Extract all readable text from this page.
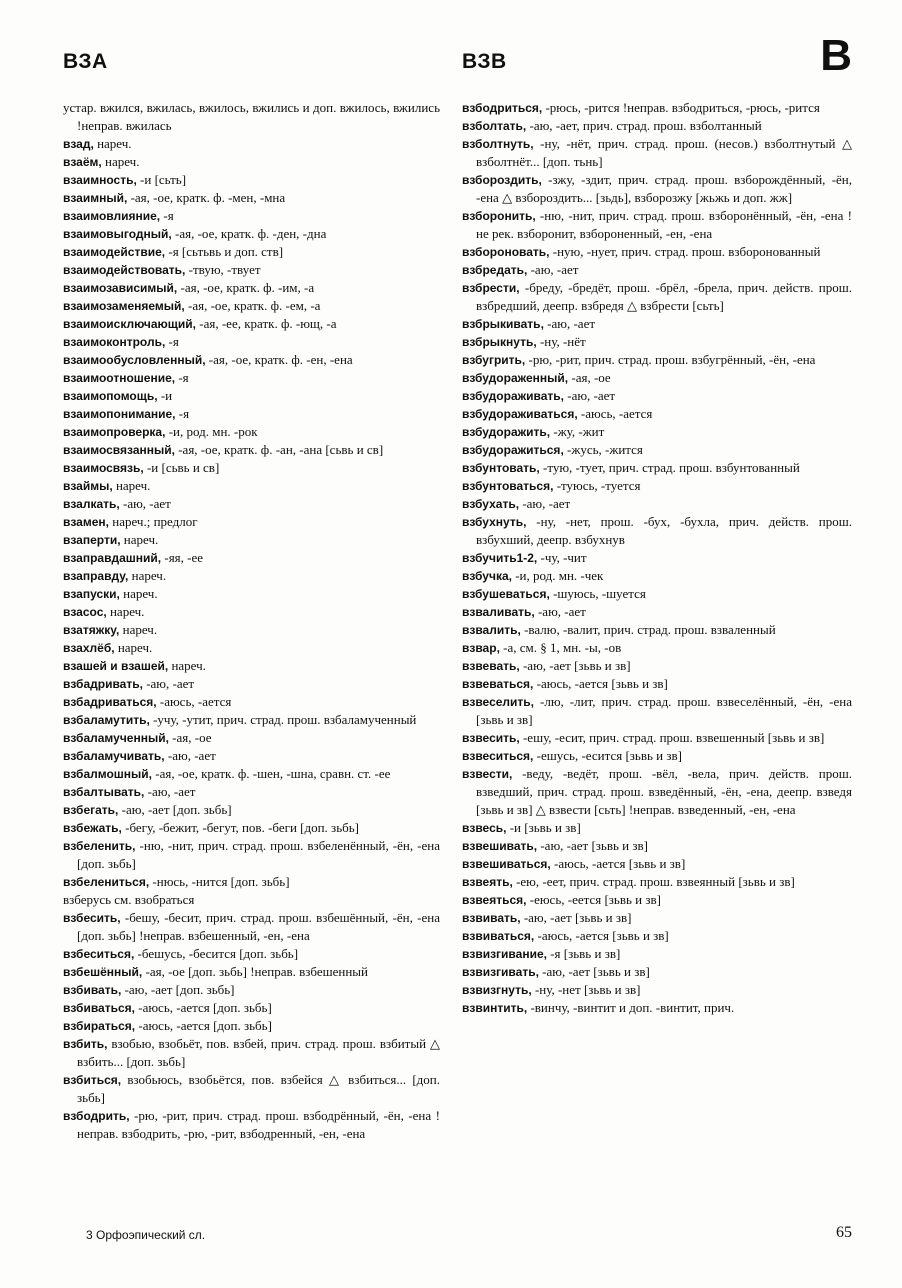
ВЗА	ВЗВ	В
устар. вжился, вжилась, вжилось, вжились и доп. вжилось, вжились !неправ. вжилась
взад, нареч.
взаём, нареч.
взаимность, -и [сьть]
взаимный, -ая, -ое, кратк. ф. -мен, -мна
взаимовлияние, -я
взаимовыгодный, -ая, -ое, кратк. ф. -ден, -дна
взаимодействие, -я [сьтьвь и доп. ств]
взаимодействовать, -твую, -твует
взаимозависимый, -ая, -ое, кратк. ф. -им, -а
взаимозаменяемый, -ая, -ое, кратк. ф. -ем, -а
взаимоисключающий, -ая, -ее, кратк. ф. -ющ, -а
взаимоконтроль, -я
взаимообусловленный, -ая, -ое, кратк. ф. -ен, -ена
взаимоотношение, -я
взаимопомощь, -и
взаимопонимание, -я
взаимопроверка, -и, род. мн. -рок
взаимосвязанный, -ая, -ое, кратк. ф. -ан, -ана [сьвь и св]
взаимосвязь, -и [сьвь и св]
взаймы, нареч.
взалкать, -аю, -ает
взамен, нареч.; предлог
взаперти, нареч.
взаправдашний, -яя, -ее
взаправду, нареч.
взапуски, нареч.
взасос, нареч.
взатяжку, нареч.
взахлёб, нареч.
взашей и взашей, нареч.
взбадривать, -аю, -ает
взбадриваться, -аюсь, -ается
взбаламутить, -учу, -утит, прич. страд. прош. взбаламученный
взбаламученный, -ая, -ое
взбаламучивать, -аю, -ает
взбалмошный, -ая, -ое, кратк. ф. -шен, -шна, сравн. ст. -ее
взбалтывать, -аю, -ает
взбегать, -аю, -ает [доп. зьбь]
взбежать, -бегу, -бежит, -бегут, пов. -беги [доп. зьбь]
взбеленить, -ню, -нит, прич. страд. прош. взбеленённый, -ён, -ена [доп. зьбь]
взбелениться, -нюсь, -нится [доп. зьбь]
взберусь см. взобраться
взбесить, -бешу, -бесит, прич. страд. прош. взбешённый, -ён, -ена [доп. зьбь] !неправ. взбешенный, -ен, -ена
взбеситься, -бешусь, -бесится [доп. зьбь]
взбешённый, -ая, -ое [доп. зьбь] !неправ. взбешенный
взбивать, -аю, -ает [доп. зьбь]
взбиваться, -аюсь, -ается [доп. зьбь]
взбираться, -аюсь, -ается [доп. зьбь]
взбить, взобью, взобьёт, пов. взбей, прич. страд. прош. взбитый △ взбить... [доп. зьбь]
взбиться, взобьюсь, взобьётся, пов. взбейся △ взбиться... [доп. зьбь]
взбодрить, -рю, -рит, прич. страд. прош. взбодрённый, -ён, -ена !неправ. взбодрить, -рю, -рит, взбодренный, -ен, -ена
взбодриться, -рюсь, -рится !неправ. взбодриться, -рюсь, -рится
взболтать, -аю, -ает, прич. страд. прош. взболтанный
взболтнуть, -ну, -нёт, прич. страд. прош. (несов.) взболтнутый △ взболтнёт... [доп. тьнь]
взбороздить, -зжу, -здит, прич. страд. прош. взборождённый, -ён, -ена △ взбороздить... [зьдь], взборозжу [жьжь и доп. жж]
взборонить, -ню, -нит, прич. страд. прош. взборонённый, -ён, -ена !не рек. взборонит, взбороненный, -ен, -ена
взбороновать, -ную, -нует, прич. страд. прош. взборонованный
взбредать, -аю, -ает
взбрести, -бреду, -бредёт, прош. -брёл, -брела, прич. действ. прош. взбредший, деепр. взбредя △ взбрести [сьть]
взбрыкивать, -аю, -ает
взбрыкнуть, -ну, -нёт
взбугрить, -рю, -рит, прич. страд. прош. взбугрённый, -ён, -ена
взбудораженный, -ая, -ое
взбудораживать, -аю, -ает
взбудораживаться, -аюсь, -ается
взбудоражить, -жу, -жит
взбудоражиться, -жусь, -жится
взбунтовать, -тую, -тует, прич. страд. прош. взбунтованный
взбунтоваться, -туюсь, -туется
взбухать, -аю, -ает
взбухнуть, -ну, -нет, прош. -бух, -бухла, прич. действ. прош. взбухший, деепр. взбухнув
взбучить1-2, -чу, -чит
взбучка, -и, род. мн. -чек
взбушеваться, -шуюсь, -шуется
взваливать, -аю, -ает
взвалить, -валю, -валит, прич. страд. прош. взваленный
взвар, -а, см. § 1, мн. -ы, -ов
взвевать, -аю, -ает [зьвь и зв]
взвеваться, -аюсь, -ается [зьвь и зв]
взвеселить, -лю, -лит, прич. страд. прош. взвеселённый, -ён, -ена [зьвь и зв]
взвесить, -ешу, -есит, прич. страд. прош. взвешенный [зьвь и зв]
взвеситься, -ешусь, -есится [зьвь и зв]
взвести, -веду, -ведёт, прош. -вёл, -вела, прич. действ. прош. взведший, прич. страд. прош. взведённый, -ён, -ена, деепр. взведя [зьвь и зв] △ взвести [сьть] !неправ. взведенный, -ен, -ена
взвесь, -и [зьвь и зв]
взвешивать, -аю, -ает [зьвь и зв]
взвешиваться, -аюсь, -ается [зьвь и зв]
взвеять, -ею, -еет, прич. страд. прош. взвеянный [зьвь и зв]
взвеяться, -еюсь, -еется [зьвь и зв]
взвивать, -аю, -ает [зьвь и зв]
взвиваться, -аюсь, -ается [зьвь и зв]
взвизгивание, -я [зьвь и зв]
взвизгивать, -аю, -ает [зьвь и зв]
взвизгнуть, -ну, -нет [зьвь и зв]
взвинтить, -винчу, -винтит и доп. -винтит, прич.
3 Орфоэпический сл.	65
